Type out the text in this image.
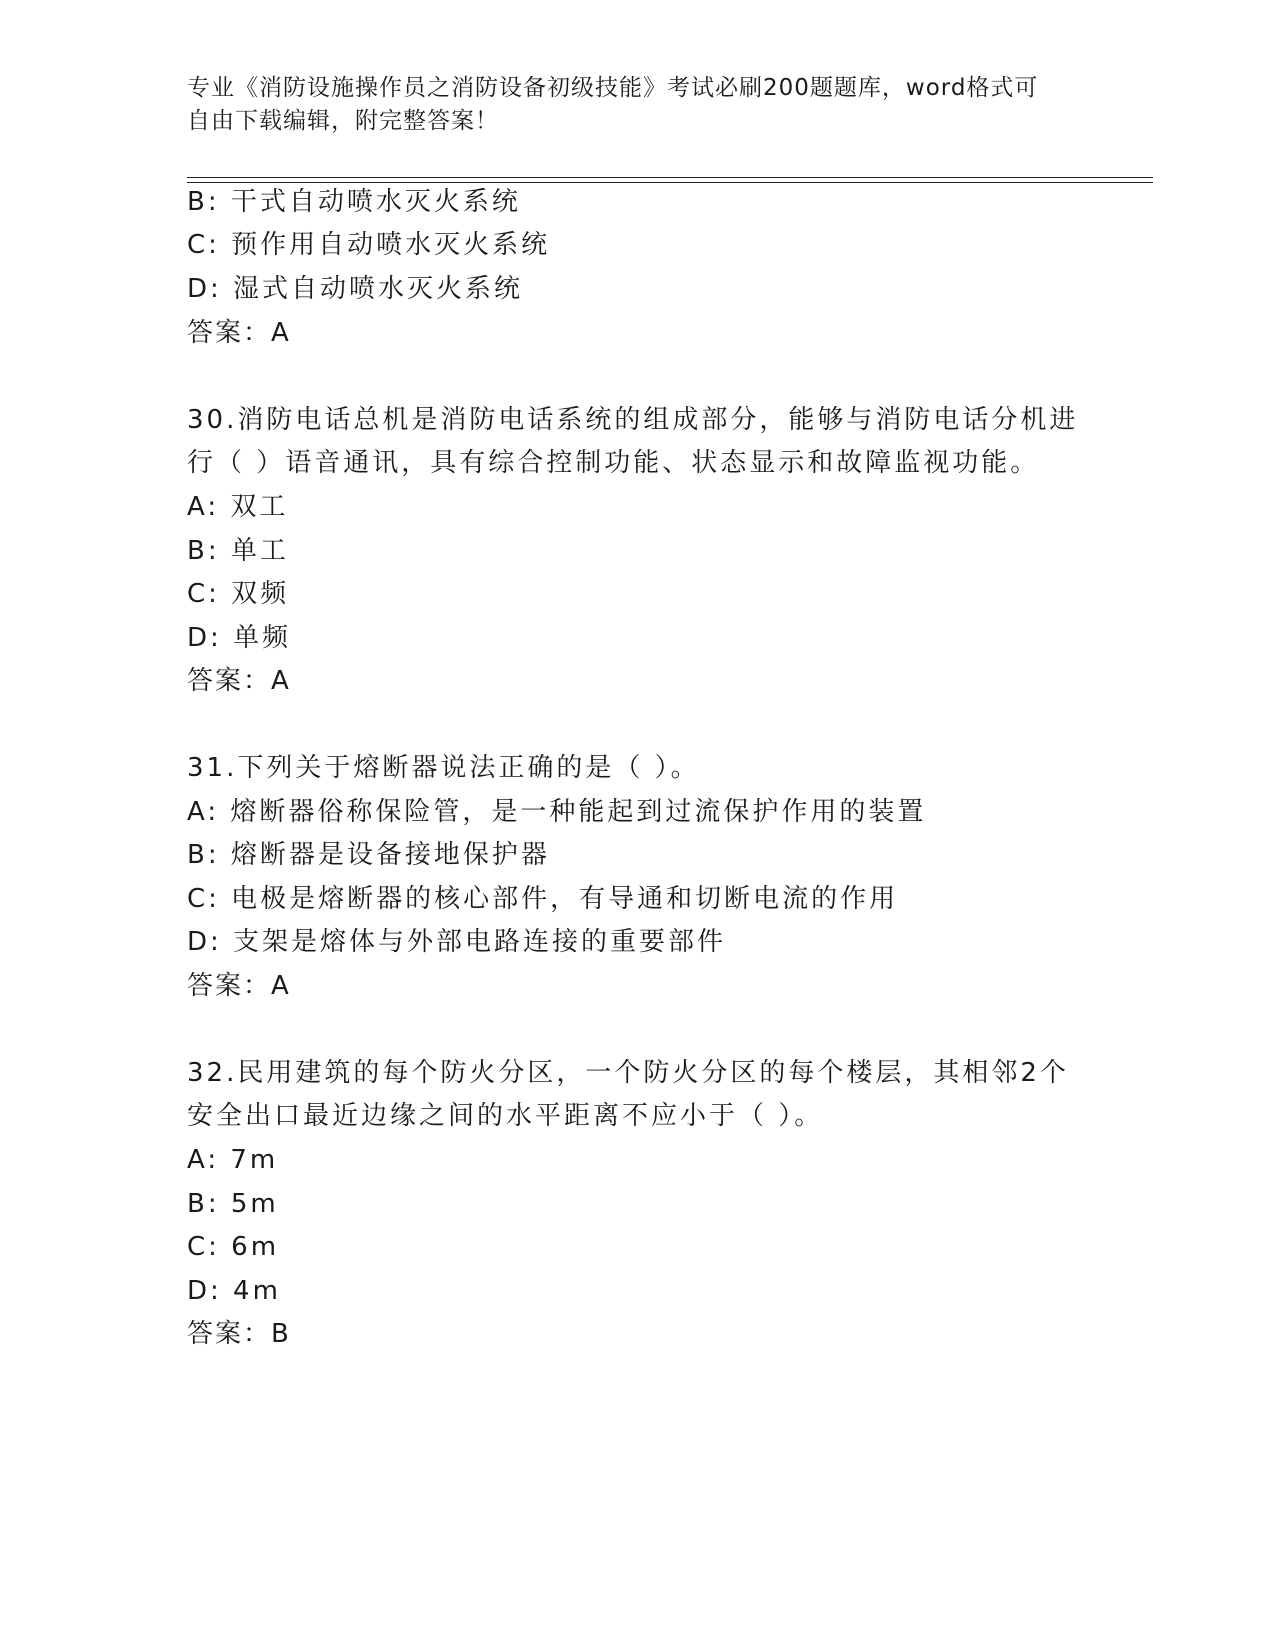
专业《消防设施操作员之消防设备初级技能》考试必刷200题题库，word格式可
自由下载编辑，附完整答案！
B: 干式自动喷水灭火系统
C: 预作用自动喷水灭火系统
D: 湿式自动喷水灭火系统
答案：A
30.消防电话总机是消防电话系统的组成部分，能够与消防电话分机进
行（ ）语音通讯，具有综合控制功能、状态显示和故障监视功能。
A: 双工
B: 单工
C: 双频
D: 单频
答案：A
31.下列关于熔断器说法正确的是（ ）。
A: 熔断器俗称保险管，是一种能起到过流保护作用的装置
B: 熔断器是设备接地保护器
C: 电极是熔断器的核心部件，有导通和切断电流的作用
D: 支架是熔体与外部电路连接的重要部件
答案：A
32.民用建筑的每个防火分区，一个防火分区的每个楼层，其相邻2个
安全出口最近边缘之间的水平距离不应小于（ ）。
A: 7m
B: 5m
C: 6m
D: 4m
答案：B
